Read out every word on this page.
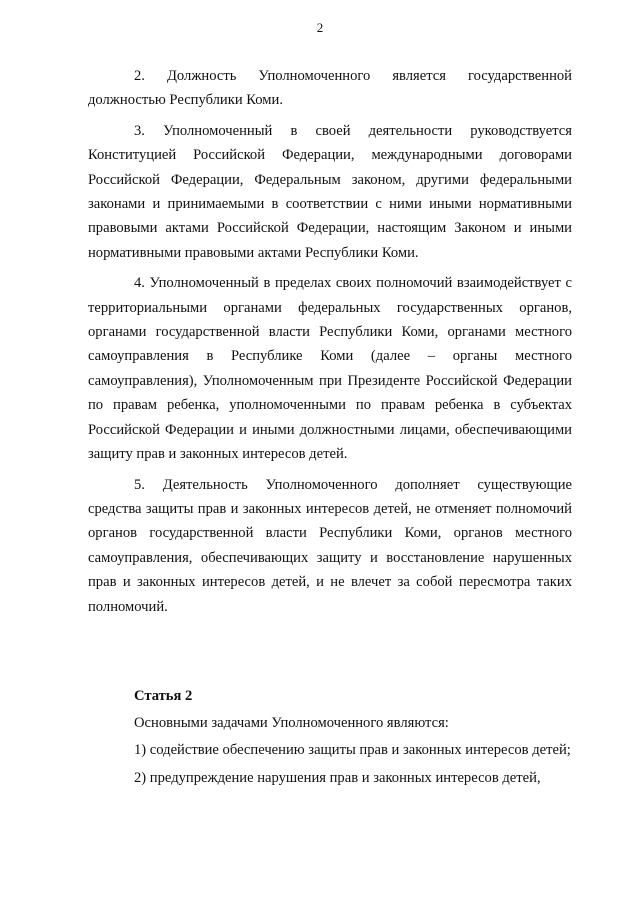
2

2. Должность Уполномоченного является государственной должностью Республики Коми.

3. Уполномоченный в своей деятельности руководствуется Конституцией Российской Федерации, международными договорами Российской Федерации, Федеральным законом, другими федеральными законами и принимаемыми в соответствии с ними иными нормативными правовыми актами Российской Федерации, настоящим Законом и иными нормативными правовыми актами Республики Коми.

4. Уполномоченный в пределах своих полномочий взаимодействует с территориальными органами федеральных государственных органов, органами государственной власти Республики Коми, органами местного самоуправления в Республике Коми (далее – органы местного самоуправления), Уполномоченным при Президенте Российской Федерации по правам ребенка, уполномоченными по правам ребенка в субъектах Российской Федерации и иными должностными лицами, обеспечивающими защиту прав и законных интересов детей.

5. Деятельность Уполномоченного дополняет существующие средства защиты прав и законных интересов детей, не отменяет полномочий органов государственной власти Республики Коми, органов местного самоуправления, обеспечивающих защиту и восстановление нарушенных прав и законных интересов детей, и не влечет за собой пересмотра таких полномочий.

Статья 2

Основными задачами Уполномоченного являются:

1) содействие обеспечению защиты прав и законных интересов детей;

2) предупреждение нарушения прав и законных интересов детей,
